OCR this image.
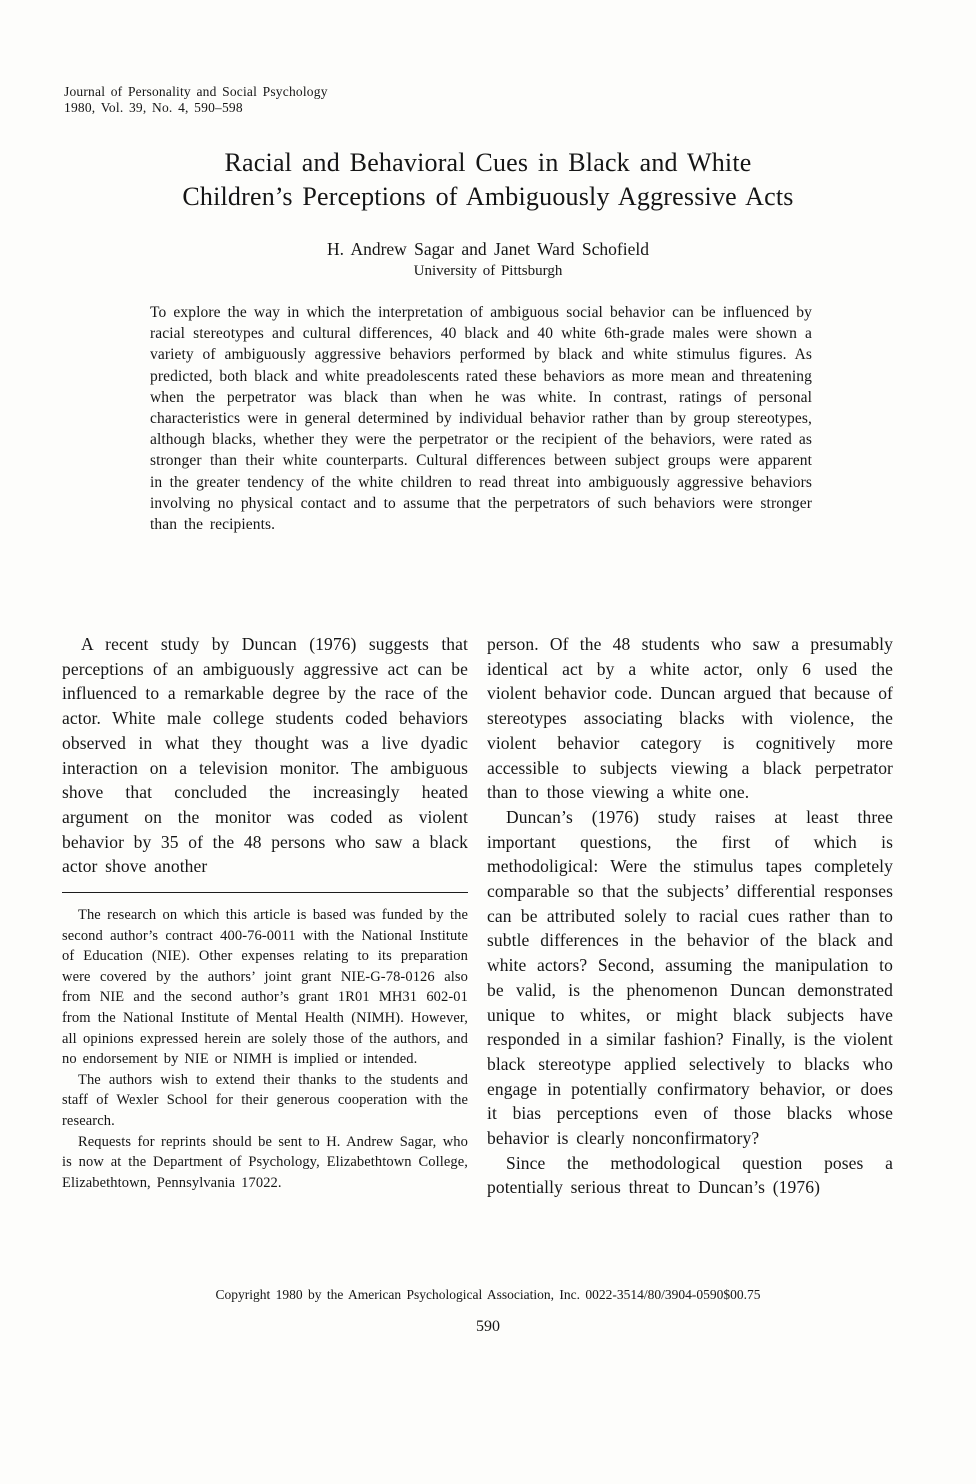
Journal of Personality and Social Psychology
1980, Vol. 39, No. 4, 590–598
Racial and Behavioral Cues in Black and White
Children’s Perceptions of Ambiguously Aggressive Acts
H. Andrew Sagar and Janet Ward Schofield
University of Pittsburgh
To explore the way in which the interpretation of ambiguous social behavior can be influenced by racial stereotypes and cultural differences, 40 black and 40 white 6th-grade males were shown a variety of ambiguously aggressive behaviors performed by black and white stimulus figures. As predicted, both black and white preadolescents rated these behaviors as more mean and threatening when the perpetrator was black than when he was white. In contrast, ratings of personal characteristics were in general determined by individual behavior rather than by group stereotypes, although blacks, whether they were the perpetrator or the recipient of the behaviors, were rated as stronger than their white counterparts. Cultural differences between subject groups were apparent in the greater tendency of the white children to read threat into ambiguously aggressive behaviors involving no physical contact and to assume that the perpetrators of such behaviors were stronger than the recipients.

A recent study by Duncan (1976) suggests that perceptions of an ambiguously aggressive act can be influenced to a remarkable degree by the race of the actor. White male college students coded behaviors observed in what they thought was a live dyadic interaction on a television monitor. The ambiguous shove that concluded the increasingly heated argument on the monitor was coded as violent behavior by 35 of the 48 persons who saw a black actor shove another

The research on which this article is based was funded by the second author’s contract 400-76-0011 with the National Institute of Education (NIE). Other expenses relating to its preparation were covered by the authors’ joint grant NIE-G-78-0126 also from NIE and the second author’s grant 1R01 MH31 602-01 from the National Institute of Mental Health (NIMH). However, all opinions expressed herein are solely those of the authors, and no endorsement by NIE or NIMH is implied or intended.

The authors wish to extend their thanks to the students and staff of Wexler School for their generous cooperation with the research.

Requests for reprints should be sent to H. Andrew Sagar, who is now at the Department of Psychology, Elizabethtown College, Elizabethtown, Pennsylvania 17022.

person. Of the 48 students who saw a presumably identical act by a white actor, only 6 used the violent behavior code. Duncan argued that because of stereotypes associating blacks with violence, the violent behavior category is cognitively more accessible to subjects viewing a black perpetrator than to those viewing a white one.

Duncan’s (1976) study raises at least three important questions, the first of which is methodoligical: Were the stimulus tapes completely comparable so that the subjects’ differential responses can be attributed solely to racial cues rather than to subtle differences in the behavior of the black and white actors? Second, assuming the manipulation to be valid, is the phenomenon Duncan demonstrated unique to whites, or might black subjects have responded in a similar fashion? Finally, is the violent black stereotype applied selectively to blacks who engage in potentially confirmatory behavior, or does it bias perceptions even of those blacks whose behavior is clearly nonconfirmatory?

Since the methodological question poses a potentially serious threat to Duncan’s (1976)

Copyright 1980 by the American Psychological Association, Inc. 0022-3514/80/3904-0590$00.75
590
